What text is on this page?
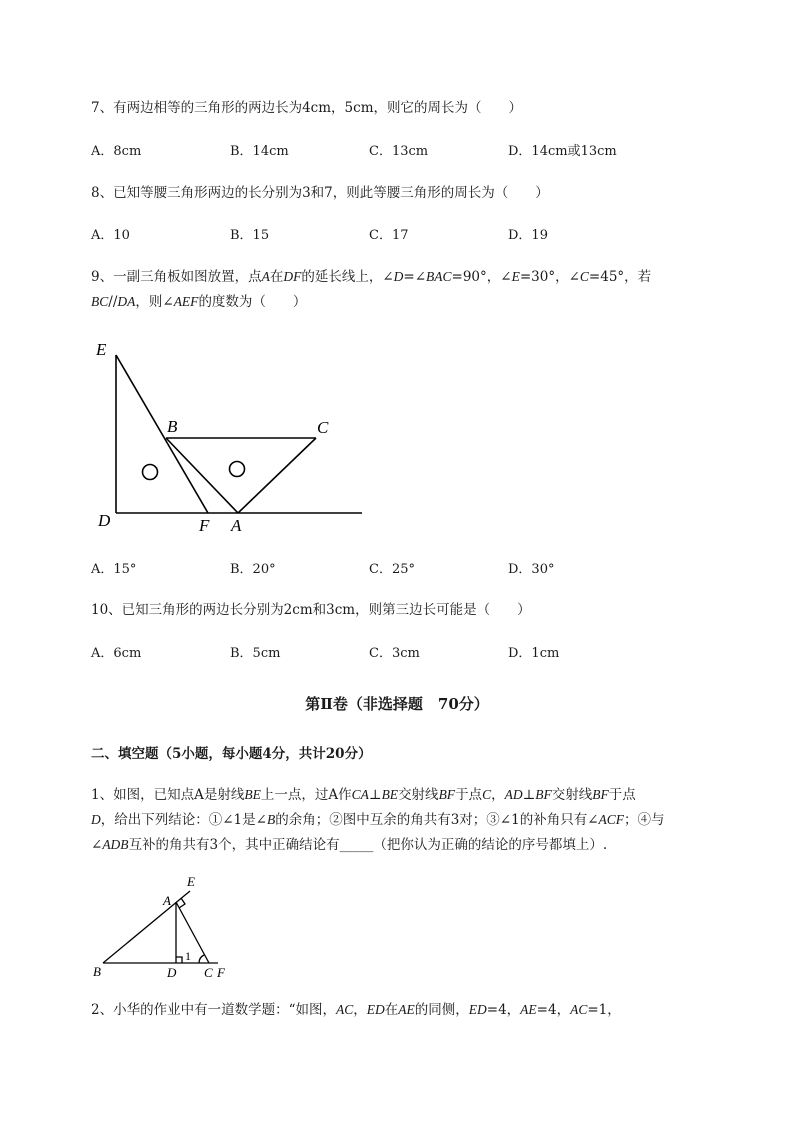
7、有两边相等的三角形的两边长为4cm，5cm，则它的周长为（　　）
A．8cm	B．14cm	C．13cm	D．14cm或13cm
8、已知等腰三角形两边的长分别为3和7，则此等腰三角形的周长为（　　）
A．10	B．15	C．17	D．19
9、一副三角板如图放置，点A在DF的延长线上，∠D=∠BAC=90°，∠E=30°，∠C=45°，若
BC//DA，则∠AEF的度数为（　　）
E
B	C
D	F A
A．15°	B．20°	C．25°	D．30°
10、已知三角形的两边长分别为2cm和3cm，则第三边长可能是（　　）
A．6cm	B．5cm	C．3cm	D．1cm
第Ⅱ卷（非选择题　70分）
二、填空题（5小题，每小题4分，共计20分）
1、如图，已知点A是射线BE上一点，过A作CA⊥BE交射线BF于点C，AD⊥BF交射线BF于点
D，给出下列结论：①∠1是∠B的余角；②图中互余的角共有3对；③∠1的补角只有∠ACF；④与
∠ADB互补的角共有3个，其中正确结论有_____（把你认为正确的结论的序号都填上）.
E
A
B	D C F
1
2、小华的作业中有一道数学题：“如图，AC，ED在AE的同侧，ED=4，AE=4，AC=1，
